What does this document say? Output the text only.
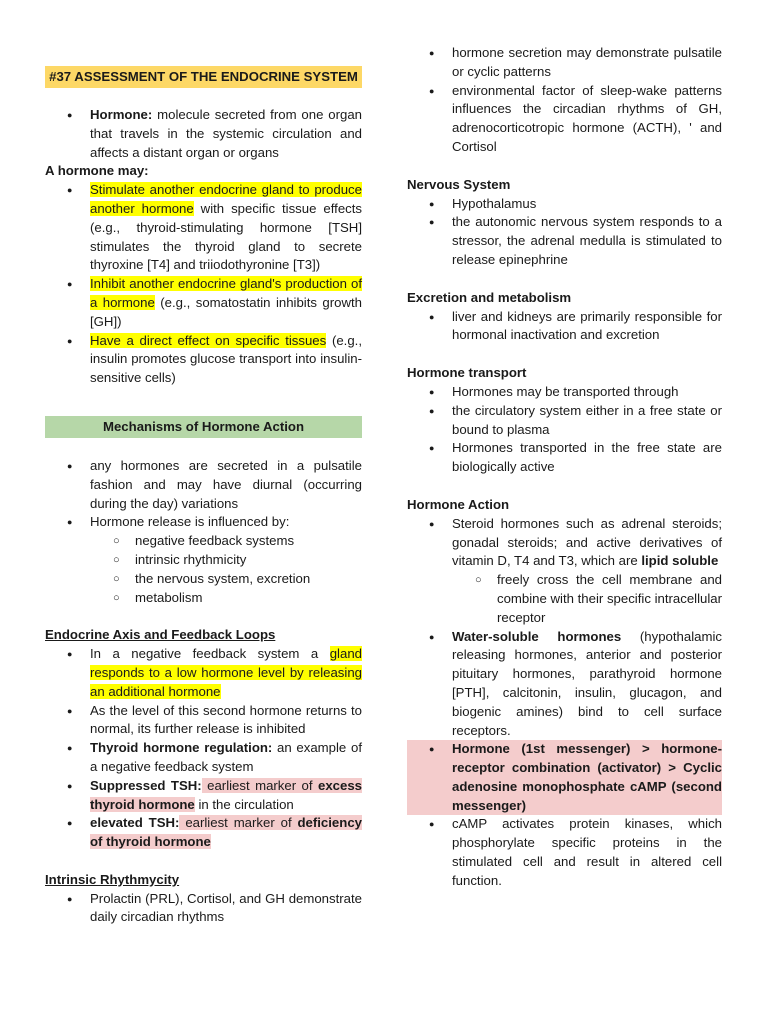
#37 ASSESSMENT OF THE ENDOCRINE SYSTEM
● Hormone: molecule secreted from one organ that travels in the systemic circulation and affects a distant organ or organs
A hormone may:
● Stimulate another endocrine gland to produce another hormone with specific tissue effects (e.g., thyroid-stimulating hormone [TSH] stimulates the thyroid gland to secrete thyroxine [T4] and triiodothyronine [T3])
● Inhibit another endocrine gland's production of a hormone (e.g., somatostatin inhibits growth [GH])
● Have a direct effect on specific tissues (e.g., insulin promotes glucose transport into insulin-sensitive cells)
Mechanisms of Hormone Action
● any hormones are secreted in a pulsatile fashion and may have diurnal (occurring during the day) variations
● Hormone release is influenced by:
○ negative feedback systems
○ intrinsic rhythmicity
○ the nervous system, excretion
○ metabolism
Endocrine Axis and Feedback Loops
● In a negative feedback system a gland responds to a low hormone level by releasing an additional hormone
● As the level of this second hormone returns to normal, its further release is inhibited
● Thyroid hormone regulation: an example of a negative feedback system
● Suppressed TSH: earliest marker of excess thyroid hormone in the circulation
● elevated TSH: earliest marker of deficiency of thyroid hormone
Intrinsic Rhythmycity
● Prolactin (PRL), Cortisol, and GH demonstrate daily circadian rhythms
● hormone secretion may demonstrate pulsatile or cyclic patterns
● environmental factor of sleep-wake patterns influences the circadian rhythms of GH, adrenocorticotropic hormone (ACTH), ' and Cortisol
Nervous System
● Hypothalamus
● the autonomic nervous system responds to a stressor, the adrenal medulla is stimulated to release epinephrine
Excretion and metabolism
● liver and kidneys are primarily responsible for hormonal inactivation and excretion
Hormone transport
● Hormones may be transported through
● the circulatory system either in a free state or bound to plasma
● Hormones transported in the free state are biologically active
Hormone Action
● Steroid hormones such as adrenal steroids; gonadal steroids; and active derivatives of vitamin D, T4 and T3, which are lipid soluble
○ freely cross the cell membrane and combine with their specific intracellular receptor
● Water-soluble hormones (hypothalamic releasing hormones, anterior and posterior pituitary hormones, parathyroid hormone [PTH], calcitonin, insulin, glucagon, and biogenic amines) bind to cell surface receptors.
● Hormone (1st messenger) > hormone-receptor combination (activator) > Cyclic adenosine monophosphate cAMP (second messenger)
● cAMP activates protein kinases, which phosphorylate specific proteins in the stimulated cell and result in altered cell function.
